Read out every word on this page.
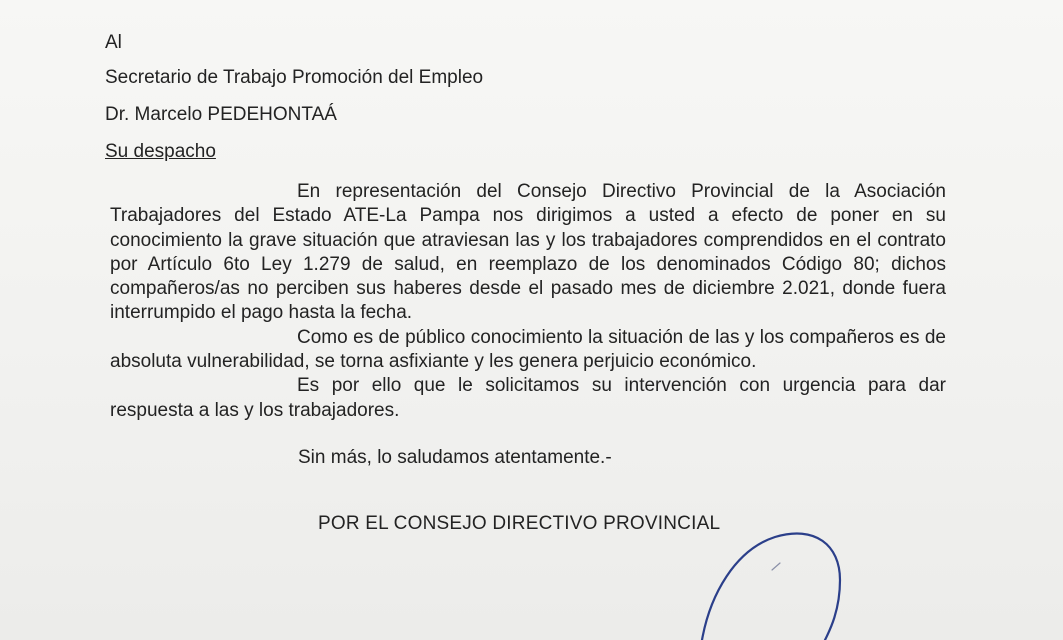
Al
Secretario de Trabajo Promoción del Empleo
Dr. Marcelo PEDEHONTAÁ
Su despacho

En representación del Consejo Directivo Provincial de la Asociación Trabajadores del Estado ATE-La Pampa nos dirigimos a usted a efecto de poner en su conocimiento la grave situación que atraviesan las y los trabajadores comprendidos en el contrato por Artículo 6to Ley 1.279 de salud, en reemplazo de los denominados Código 80; dichos compañeros/as no perciben sus haberes desde el pasado mes de diciembre 2.021, donde fuera interrumpido el pago hasta la fecha.

Como es de público conocimiento la situación de las y los compañeros es de absoluta vulnerabilidad, se torna asfixiante y les genera perjuicio económico.

Es por ello que le solicitamos su intervención con urgencia para dar respuesta a las y los trabajadores.

Sin más, lo saludamos atentamente.-
POR EL CONSEJO DIRECTIVO PROVINCIAL
